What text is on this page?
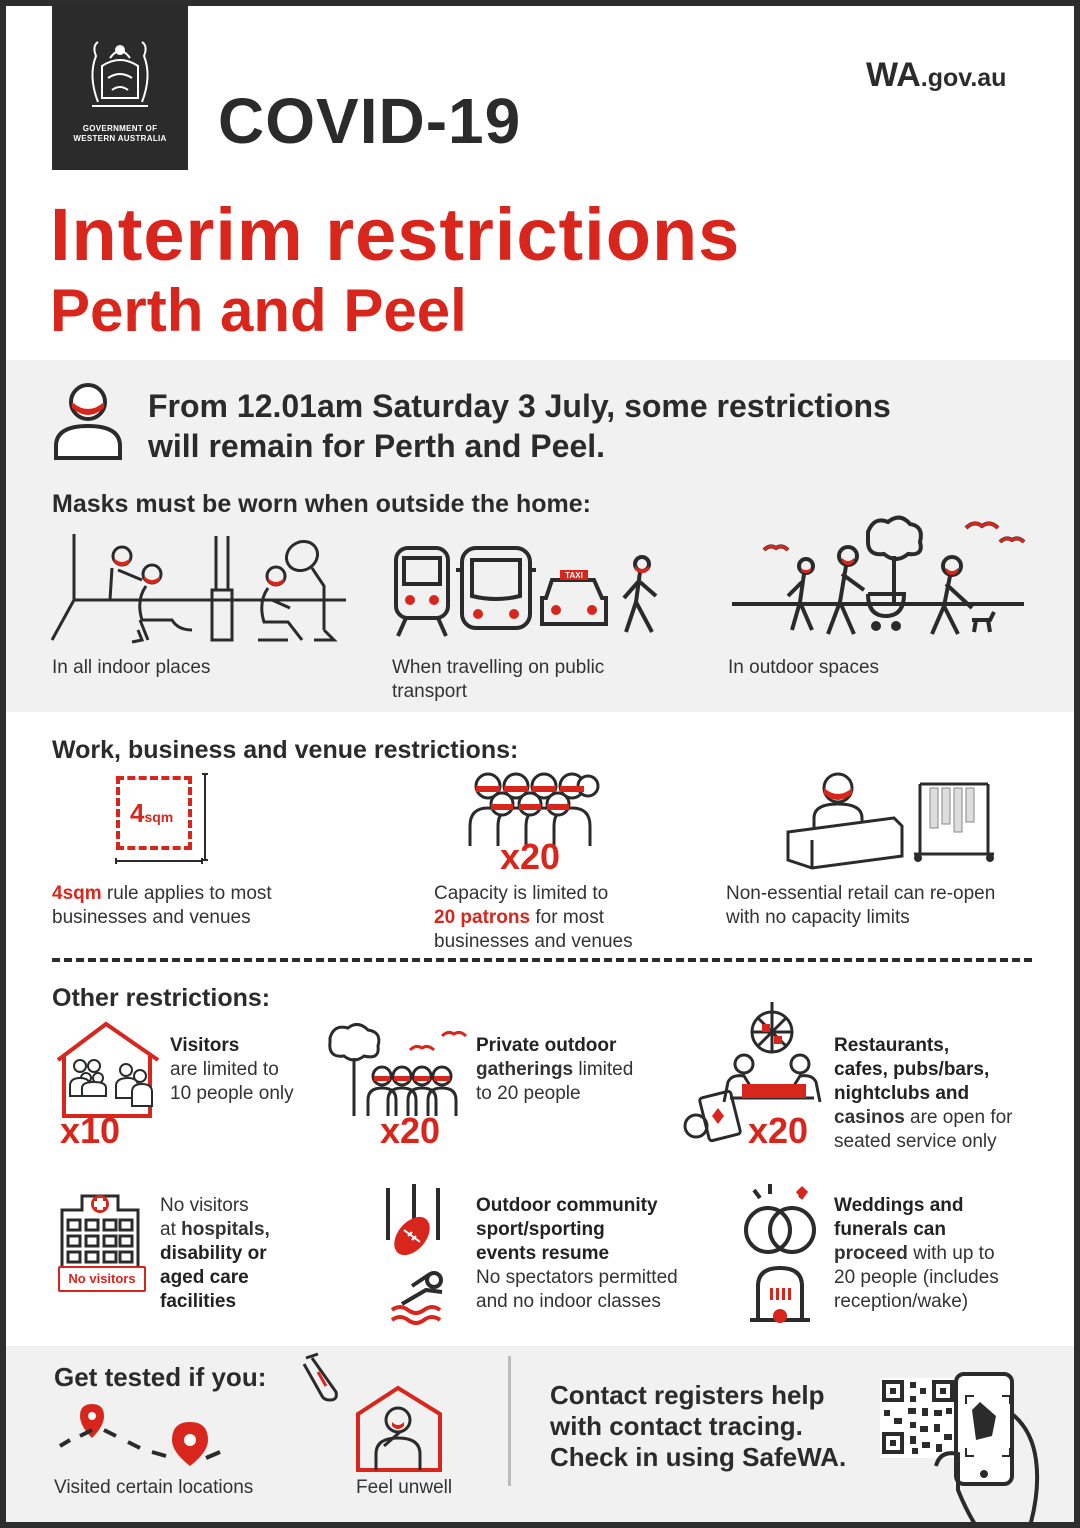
GOVERNMENT OF
WESTERN AUSTRALIA COVID-19
WA.gov.au
Interim restrictions
Perth and Peel
From 12.01am Saturday 3 July, some restrictions
will remain for Perth and Peel.
Masks must be worn when outside the home:
In all indoor places
TAXI
When travelling on public
transport
In outdoor spaces
Work, business and venue restrictions:
4sqm
4sqm rule applies to most
businesses and venues
x20
Capacity is limited to
20 patrons for most
businesses and venues
Non-essential retail can re-open
with no capacity limits
Other restrictions:
x10
Visitors
are limited to
10 people only
x20
Private outdoor
gatherings limited
to 20 people
x20
Restaurants,
cafes, pubs/bars,
nightclubs and
casinos are open for
seated service only
No visitors
No visitors
at hospitals,
disability or
aged care
facilities
Outdoor community
sport/sporting
events resume
No spectators permitted
and no indoor classes
Weddings and
funerals can
proceed with up to
20 people (includes
reception/wake)
Get tested if you:
Visited certain locations	Feel unwell
Contact registers help
with contact tracing.
Check in using SafeWA.
